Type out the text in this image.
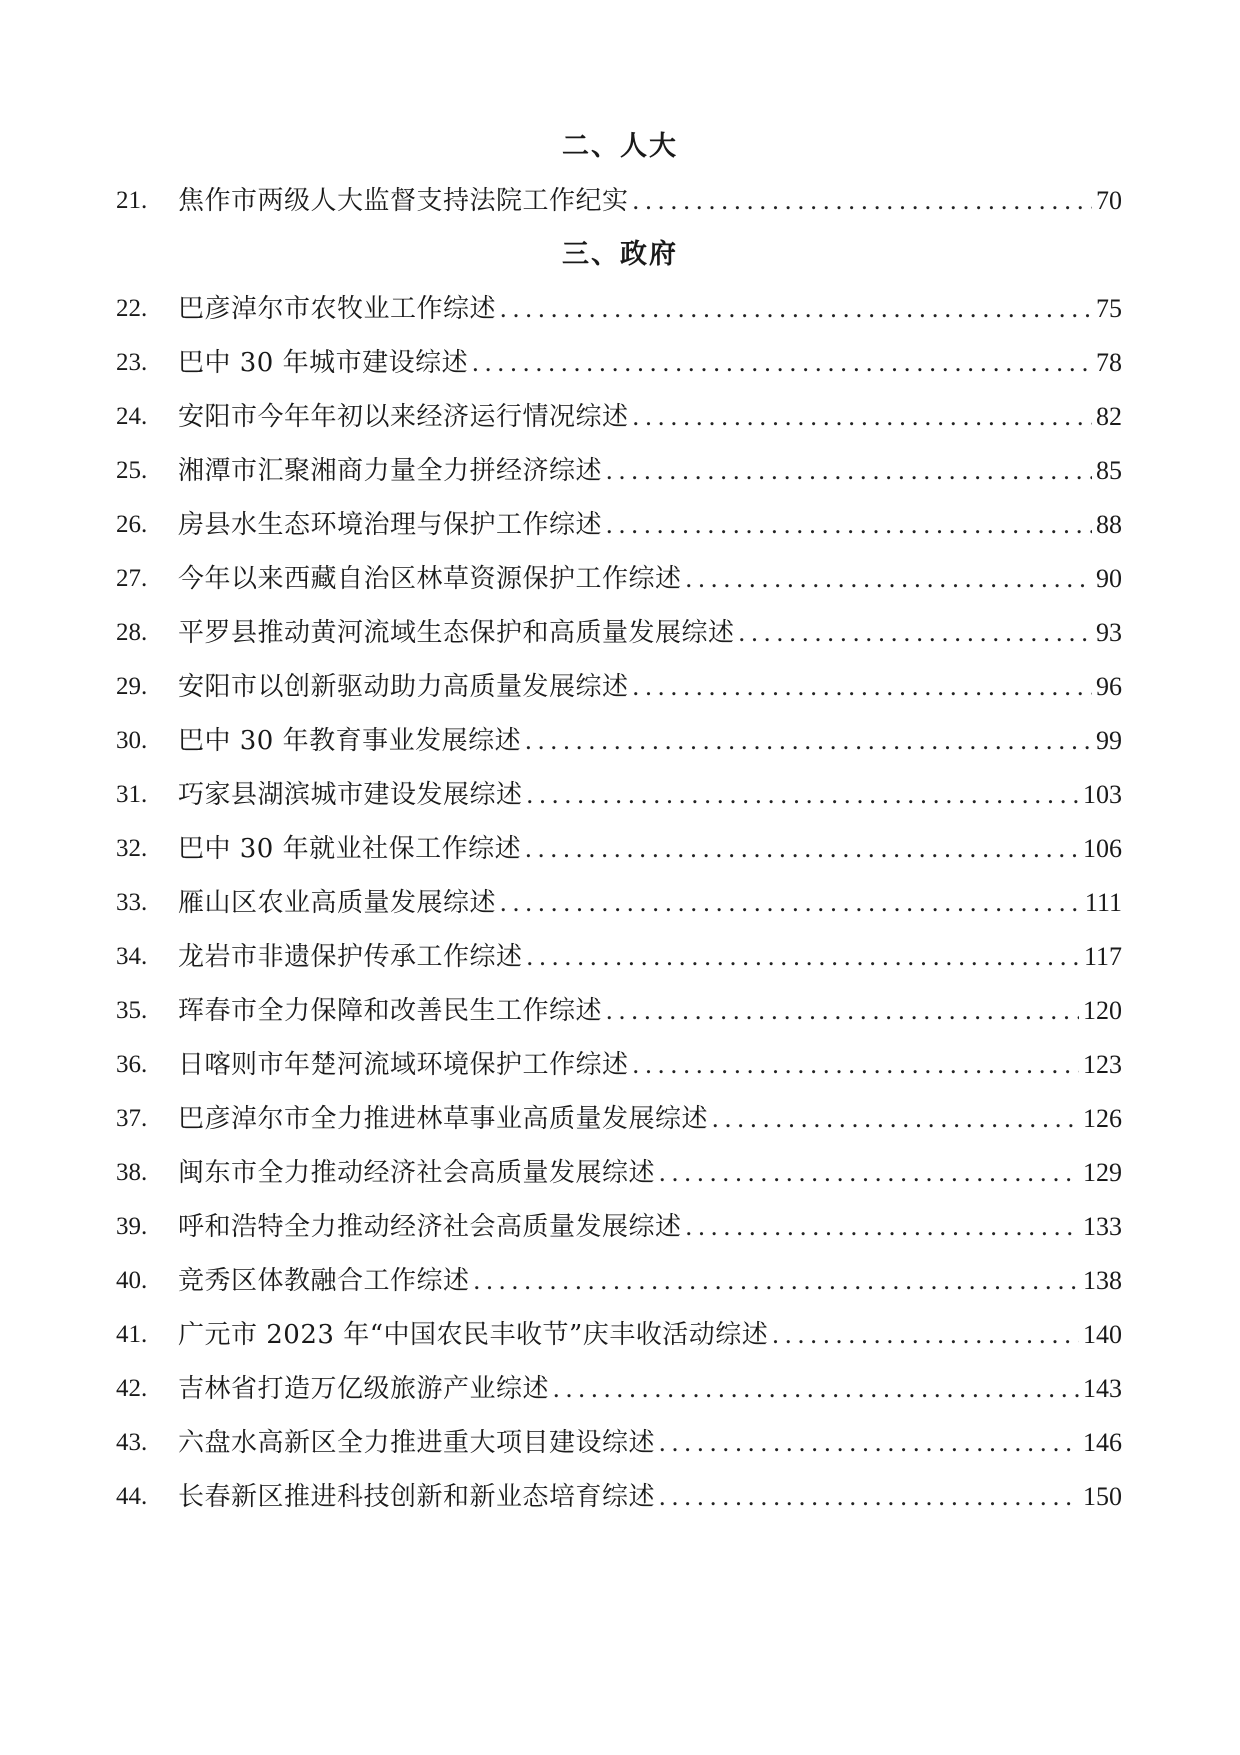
二、人大
21.	焦作市两级人大监督支持法院工作纪实 .....	70
三、政府
22.	巴彦淖尔市农牧业工作综述 .....	75
23.	巴中 30 年城市建设综述 .....	78
24.	安阳市今年年初以来经济运行情况综述 .....	82
25.	湘潭市汇聚湘商力量全力拼经济综述 .....	85
26.	房县水生态环境治理与保护工作综述 .....	88
27.	今年以来西藏自治区林草资源保护工作综述 .....	90
28.	平罗县推动黄河流域生态保护和高质量发展综述 .....	93
29.	安阳市以创新驱动助力高质量发展综述 .....	96
30.	巴中 30 年教育事业发展综述 .....	99
31.	巧家县湖滨城市建设发展综述 .....	103
32.	巴中 30 年就业社保工作综述 .....	106
33.	雁山区农业高质量发展综述 .....	111
34.	龙岩市非遗保护传承工作综述 .....	117
35.	珲春市全力保障和改善民生工作综述 .....	120
36.	日喀则市年楚河流域环境保护工作综述 .....	123
37.	巴彦淖尔市全力推进林草事业高质量发展综述 .....	126
38.	闽东市全力推动经济社会高质量发展综述 .....	129
39.	呼和浩特全力推动经济社会高质量发展综述 .....	133
40.	竞秀区体教融合工作综述 .....	138
41.	广元市 2023 年“中国农民丰收节”庆丰收活动综述 .....	140
42.	吉林省打造万亿级旅游产业综述 .....	143
43.	六盘水高新区全力推进重大项目建设综述 .....	146
44.	长春新区推进科技创新和新业态培育综述 .....	150
